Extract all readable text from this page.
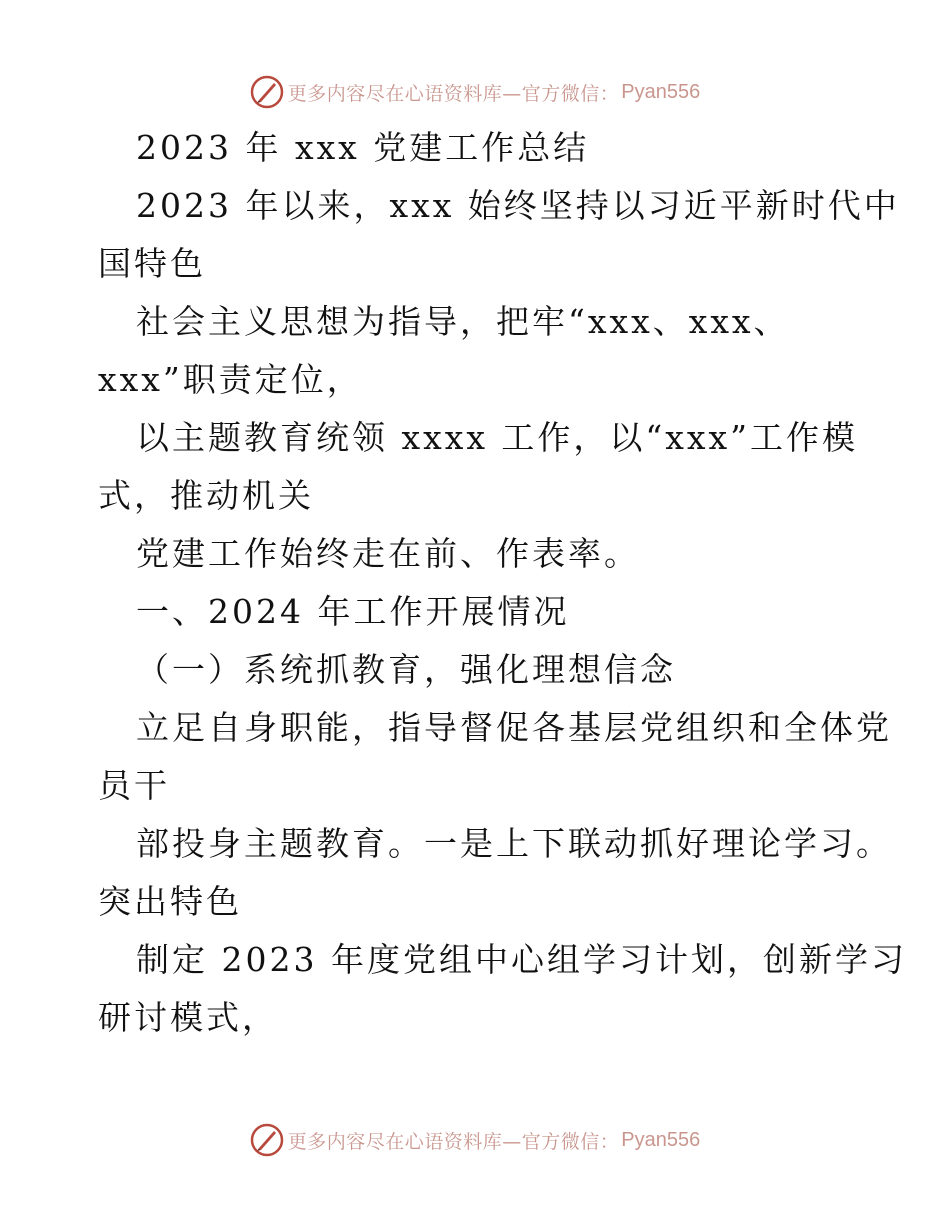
更多内容尽在心语资料库—官方微信： Pyan556
2023 年 xxx 党建工作总结
2023 年以来，xxx 始终坚持以习近平新时代中
国特色
社会主义思想为指导，把牢“xxx、xxx、
xxx”职责定位，
以主题教育统领 xxxx 工作，以“xxx”工作模
式，推动机关
党建工作始终走在前、作表率。
一、2024 年工作开展情况
（一）系统抓教育，强化理想信念
立足自身职能，指导督促各基层党组织和全体党
员干
部投身主题教育。一是上下联动抓好理论学习。
突出特色
制定 2023 年度党组中心组学习计划，创新学习
研讨模式，
更多内容尽在心语资料库—官方微信： Pyan556
